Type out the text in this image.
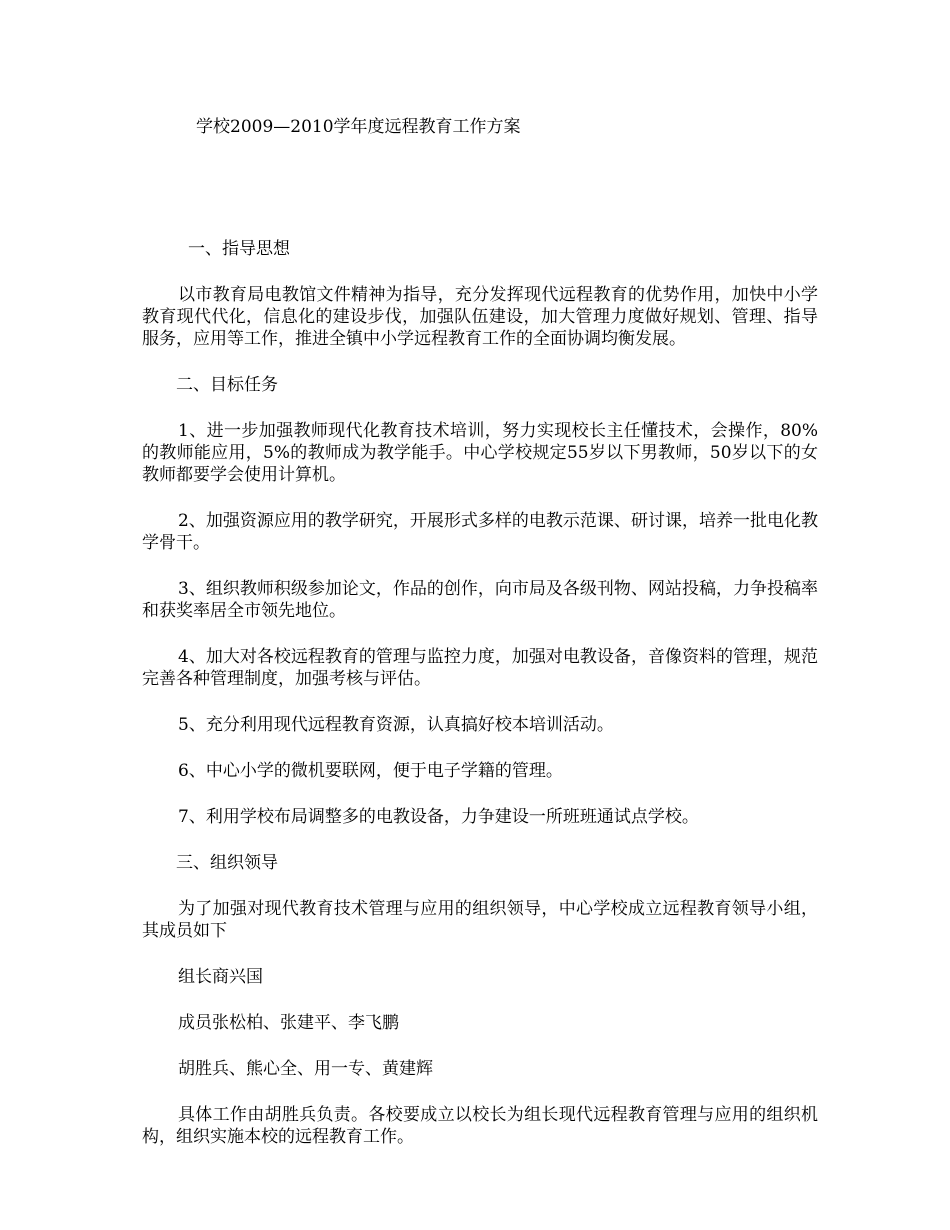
学校2009—2010学年度远程教育工作方案
一、指导思想
以市教育局电教馆文件精神为指导，充分发挥现代远程教育的优势作用，加快中小学教育现代代化，信息化的建设步伐，加强队伍建设，加大管理力度做好规划、管理、指导服务，应用等工作，推进全镇中小学远程教育工作的全面协调均衡发展。
二、目标任务
1、进一步加强教师现代化教育技术培训，努力实现校长主任懂技术，会操作，80%的教师能应用，5%的教师成为教学能手。中心学校规定55岁以下男教师，50岁以下的女教师都要学会使用计算机。
2、加强资源应用的教学研究，开展形式多样的电教示范课、研讨课，培养一批电化教学骨干。
3、组织教师积级参加论文，作品的创作，向市局及各级刊物、网站投稿，力争投稿率和获奖率居全市领先地位。
4、加大对各校远程教育的管理与监控力度，加强对电教设备，音像资料的管理，规范完善各种管理制度，加强考核与评估。
5、充分利用现代远程教育资源，认真搞好校本培训活动。
6、中心小学的微机要联网，便于电子学籍的管理。
7、利用学校布局调整多的电教设备，力争建设一所班班通试点学校。
三、组织领导
为了加强对现代教育技术管理与应用的组织领导，中心学校成立远程教育领导小组，其成员如下
组长商兴国
成员张松柏、张建平、李飞鹏
胡胜兵、熊心全、用一专、黄建辉
具体工作由胡胜兵负责。各校要成立以校长为组长现代远程教育管理与应用的组织机构，组织实施本校的远程教育工作。
